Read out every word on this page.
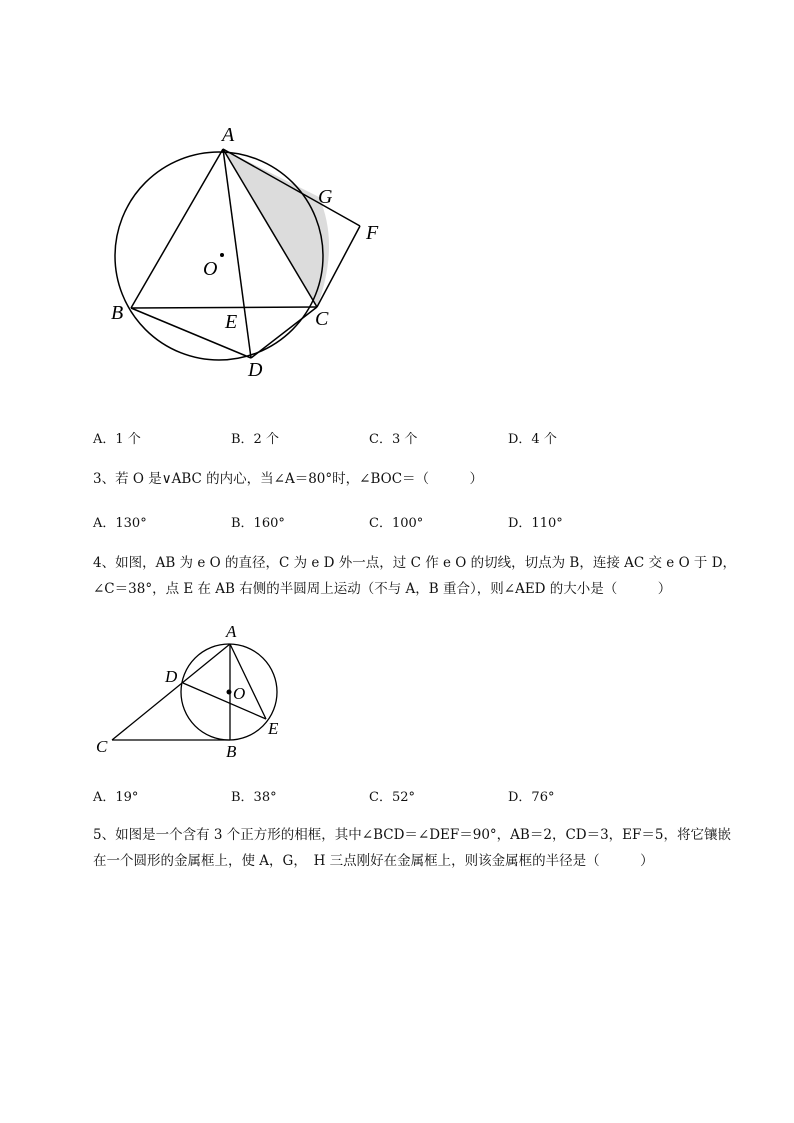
A
G
F
O
B	E	C
D
A．1 个	B．2 个	C．3 个	D．4 个
3、若 O 是∨ABC 的内心，当∠A＝80°时，∠BOC＝（　　　）
A．130°	B．160°	C．100°	D．110°
4、如图，AB 为 e O 的直径，C 为 e D 外一点，过 C 作 e O 的切线，切点为 B，连接 AC 交 e O 于 D，
∠C＝38°，点 E 在 AB 右侧的半圆周上运动（不与 A，B 重合），则∠AED 的大小是（　　　）
A
D
O
C	B
E
A．19°	B．38°	C．52°	D．76°
5、如图是一个含有 3 个正方形的相框，其中∠BCD＝∠DEF＝90°，AB＝2，CD＝3，EF＝5，将它镶嵌
在一个圆形的金属框上，使 A，G，　H 三点刚好在金属框上，则该金属框的半径是（　　　）
